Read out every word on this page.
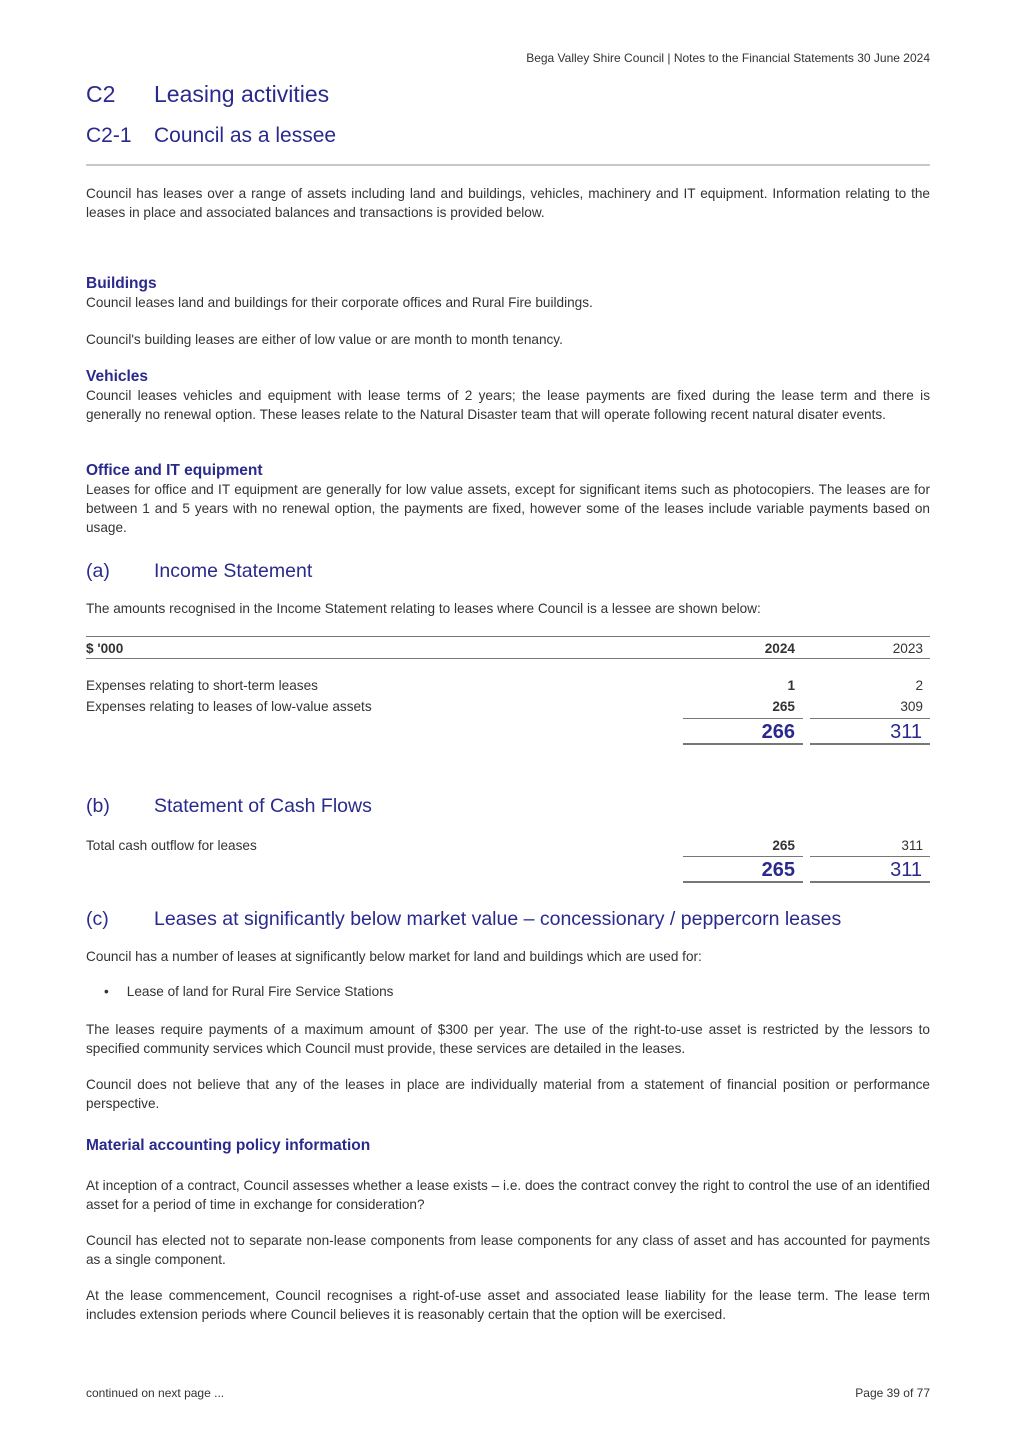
Bega Valley Shire Council | Notes to the Financial Statements 30 June 2024
C2 Leasing activities
C2-1 Council as a lessee

Council has leases over a range of assets including land and buildings, vehicles, machinery and IT equipment. Information relating to the leases in place and associated balances and transactions is provided below.

Buildings

Council leases land and buildings for their corporate offices and Rural Fire buildings.

Council's building leases are either of low value or are month to month tenancy.

Vehicles

Council leases vehicles and equipment with lease terms of 2 years; the lease payments are fixed during the lease term and there is generally no renewal option. These leases relate to the Natural Disaster team that will operate following recent natural disater events.

Office and IT equipment

Leases for office and IT equipment are generally for low value assets, except for significant items such as photocopiers. The leases are for between 1 and 5 years with no renewal option, the payments are fixed, however some of the leases include variable payments based on usage.

(a) Income Statement

The amounts recognised in the Income Statement relating to leases where Council is a lessee are shown below:

$ '000	2024	2023
Expenses relating to short-term leases	1	2
Expenses relating to leases of low-value assets	265	309
266	311
(b) Statement of Cash Flows
Total cash outflow for leases	265	311
265	311
(c) Leases at significantly below market value – concessionary / peppercorn leases

Council has a number of leases at significantly below market for land and buildings which are used for:

• Lease of land for Rural Fire Service Stations

The leases require payments of a maximum amount of $300 per year. The use of the right-to-use asset is restricted by the lessors to specified community services which Council must provide, these services are detailed in the leases.

Council does not believe that any of the leases in place are individually material from a statement of financial position or performance perspective.

Material accounting policy information

At inception of a contract, Council assesses whether a lease exists – i.e. does the contract convey the right to control the use of an identified asset for a period of time in exchange for consideration?

Council has elected not to separate non-lease components from lease components for any class of asset and has accounted for payments as a single component.

At the lease commencement, Council recognises a right-of-use asset and associated lease liability for the lease term. The lease term includes extension periods where Council believes it is reasonably certain that the option will be exercised.

continued on next page ...	Page 39 of 77
